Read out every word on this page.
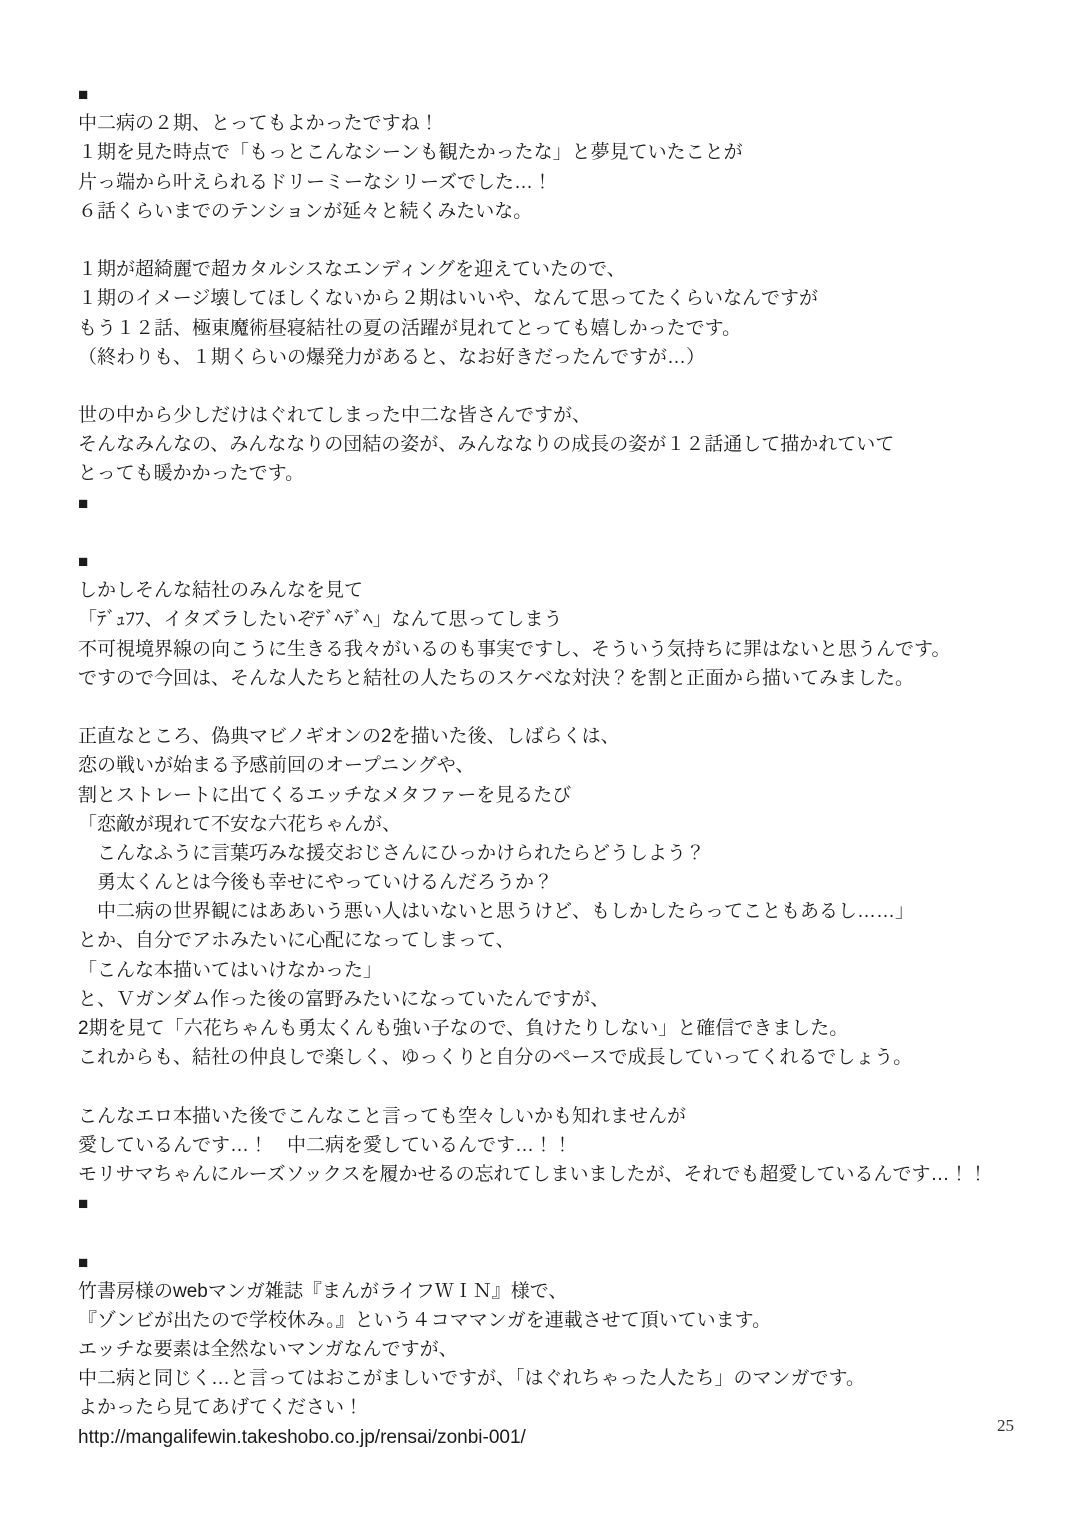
■
中二病の２期、とってもよかったですね！
１期を見た時点で「もっとこんなシーンも観たかったな」と夢見ていたことが
片っ端から叶えられるドリーミーなシリーズでした…！
６話くらいまでのテンションが延々と続くみたいな。

１期が超綺麗で超カタルシスなエンディングを迎えていたので、
１期のイメージ壊してほしくないから２期はいいや、なんて思ってたくらいなんですが
もう１２話、極東魔術昼寝結社の夏の活躍が見れてとっても嬉しかったです。
（終わりも、１期くらいの爆発力があると、なお好きだったんですが…）

世の中から少しだけはぐれてしまった中二な皆さんですが、
そんなみんなの、みんななりの団結の姿が、みんななりの成長の姿が１２話通して描かれていて
とっても暖かかったです。
■

■
しかしそんな結社のみんなを見て
「ﾃﾞｭﾌﾌ、イタズラしたいぞﾃﾞﾍﾃﾞﾍ」なんて思ってしまう
不可視境界線の向こうに生きる我々がいるのも事実ですし、そういう気持ちに罪はないと思うんです。
ですので今回は、そんな人たちと結社の人たちのスケベな対決？を割と正面から描いてみました。

正直なところ、偽典マビノギオンの2を描いた後、しばらくは、
恋の戦いが始まる予感前回のオープニングや、
割とストレートに出てくるエッチなメタファーを見るたび
「恋敵が現れて不安な六花ちゃんが、
　こんなふうに言葉巧みな援交おじさんにひっかけられたらどうしよう？
　勇太くんとは今後も幸せにやっていけるんだろうか？
　中二病の世界観にはああいう悪い人はいないと思うけど、もしかしたらってこともあるし……」
とか、自分でアホみたいに心配になってしまって、
「こんな本描いてはいけなかった」
と、Ｖガンダム作った後の富野みたいになっていたんですが、
2期を見て「六花ちゃんも勇太くんも強い子なので、負けたりしない」と確信できました。
これからも、結社の仲良しで楽しく、ゆっくりと自分のペースで成長していってくれるでしょう。

こんなエロ本描いた後でこんなこと言っても空々しいかも知れませんが
愛しているんです…！　中二病を愛しているんです…！！
モリサマちゃんにルーズソックスを履かせるの忘れてしまいましたが、それでも超愛しているんです…！！
■

■
竹書房様のwebマンガ雑誌『まんがライフＷＩＮ』様で、
『ゾンビが出たので学校休み。』という４コママンガを連載させて頂いています。
エッチな要素は全然ないマンガなんですが、
中二病と同じく…と言ってはおこがましいですが、「はぐれちゃった人たち」のマンガです。
よかったら見てあげてください！
http://mangalifewin.takeshobo.co.jp/rensai/zonbi-001/
25
